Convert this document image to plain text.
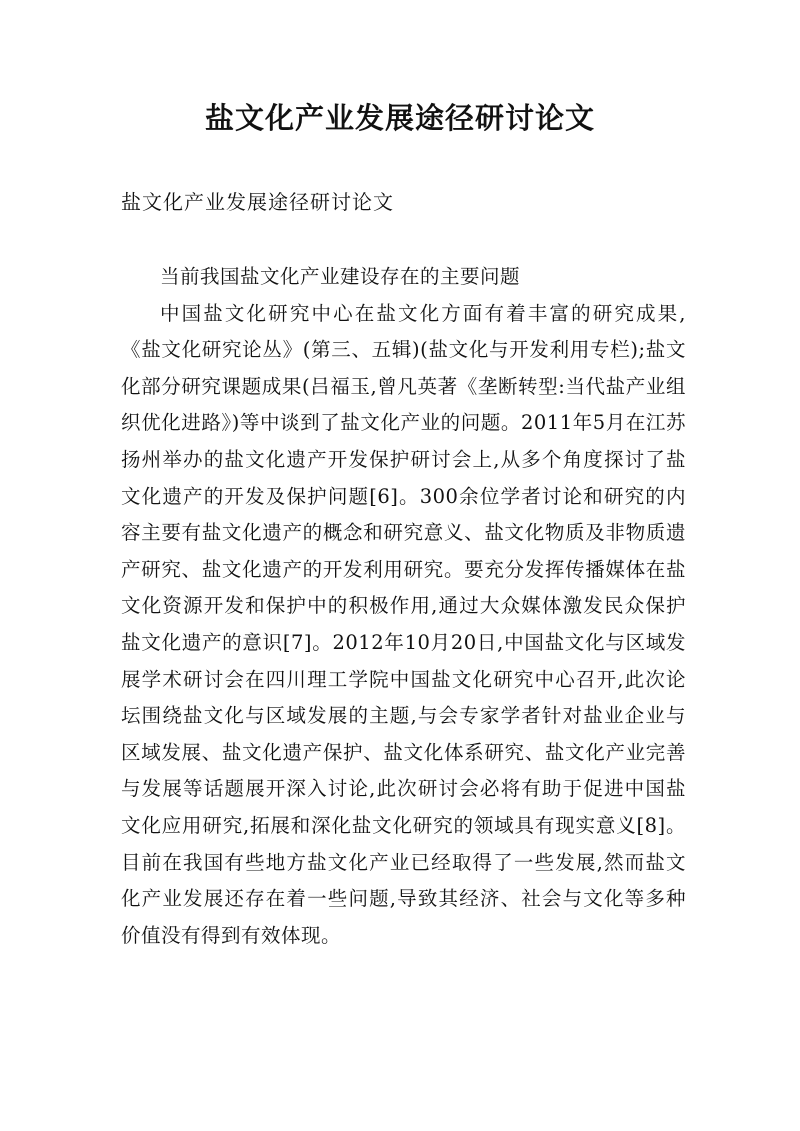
盐文化产业发展途径研讨论文
盐文化产业发展途径研讨论文

当前我国盐文化产业建设存在的主要问题

中国盐文化研究中心在盐文化方面有着丰富的研究成果,《盐文化研究论丛》(第三、五辑)(盐文化与开发利用专栏);盐文化部分研究课题成果(吕福玉,曾凡英著《垄断转型:当代盐产业组织优化进路》)等中谈到了盐文化产业的问题。2011年5月在江苏扬州举办的盐文化遗产开发保护研讨会上,从多个角度探讨了盐文化遗产的开发及保护问题[6]。300余位学者讨论和研究的内容主要有盐文化遗产的概念和研究意义、盐文化物质及非物质遗产研究、盐文化遗产的开发利用研究。要充分发挥传播媒体在盐文化资源开发和保护中的积极作用,通过大众媒体激发民众保护盐文化遗产的意识[7]。2012年10月20日,中国盐文化与区域发展学术研讨会在四川理工学院中国盐文化研究中心召开,此次论坛围绕盐文化与区域发展的主题,与会专家学者针对盐业企业与区域发展、盐文化遗产保护、盐文化体系研究、盐文化产业完善与发展等话题展开深入讨论,此次研讨会必将有助于促进中国盐文化应用研究,拓展和深化盐文化研究的领域具有现实意义[8]。目前在我国有些地方盐文化产业已经取得了一些发展,然而盐文化产业发展还存在着一些问题,导致其经济、社会与文化等多种价值没有得到有效体现。
